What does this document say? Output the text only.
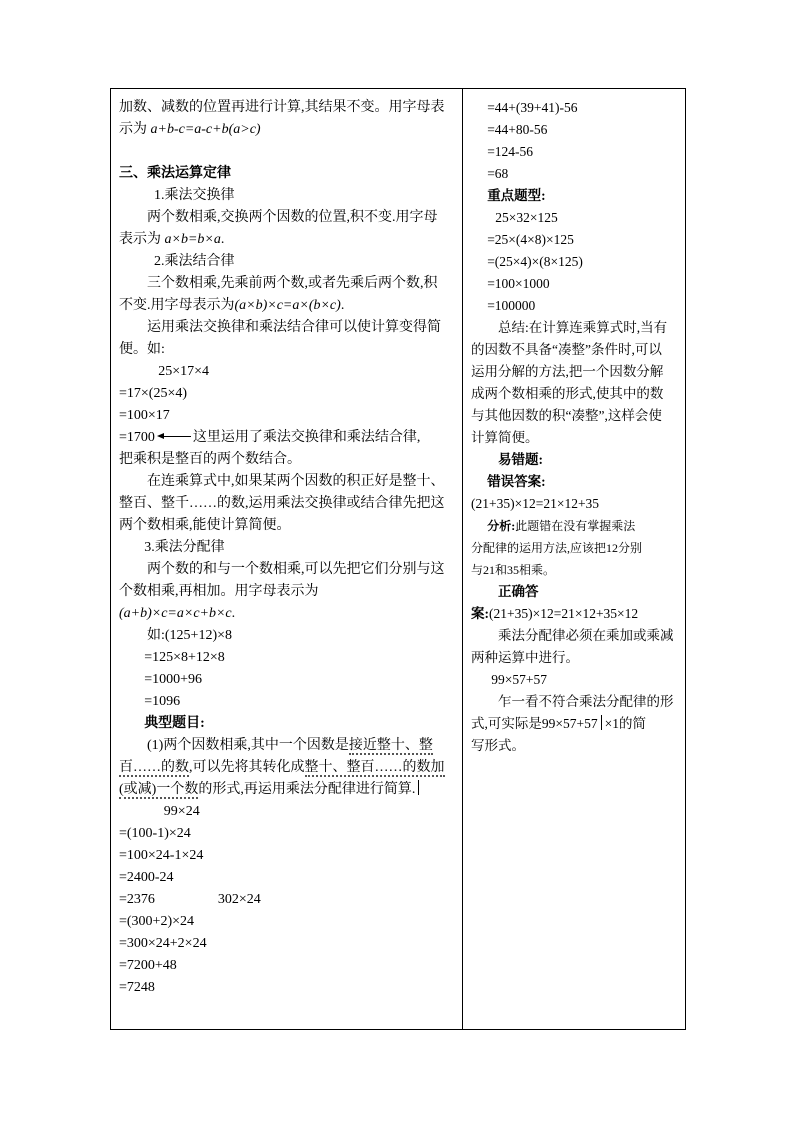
加数、减数的位置再进行计算,其结果不变。用字母表
示为 a+b-c=a-c+b(a>c)
三、乘法运算定律
1.乘法交换律
两个数相乘,交换两个因数的位置,积不变.用字母
表示为 a×b=b×a.
2.乘法结合律
三个数相乘,先乘前两个数,或者先乘后两个数,积
不变.用字母表示为(a×b)×c=a×(b×c).
运用乘法交换律和乘法结合律可以使计算变得简
便。如:
25×17×4
=17×(25×4)
=100×17
=1700	这里运用了乘法交换律和乘法结合律,
把乘积是整百的两个数结合。
在连乘算式中,如果某两个因数的积正好是整十、
整百、整千……的数,运用乘法交换律或结合律先把这
两个数相乘,能使计算简便。
3.乘法分配律
两个数的和与一个数相乘,可以先把它们分别与这
个数相乘,再相加。用字母表示为
(a+b)×c=a×c+b×c.
如:(125+12)×8
=125×8+12×8
=1000+96
=1096
典型题目:
(1)两个因数相乘,其中一个因数是接近整十、整
百……的数,可以先将其转化成整十、整百……的数加
(或减)一个数的形式,再运用乘法分配律进行简算.
99×24
=(100-1)×24
=100×24-1×24
=2400-24
=2376	302×24
=(300+2)×24
=300×24+2×24
=7200+48
=7248
=44+(39+41)-56
=44+80-56
=124-56
=68
重点题型:
25×32×125
=25×(4×8)×125
=(25×4)×(8×125)
=100×1000
=100000
总结:在计算连乘算式时,当有
的因数不具备“凑整”条件时,可以
运用分解的方法,把一个因数分解
成两个数相乘的形式,使其中的数
与其他因数的积“凑整”,这样会使
计算简便。
易错题:
错误答案:
(21+35)×12=21×12+35
分析:此题错在没有掌握乘法
分配律的运用方法,应该把12分别
与21和35相乘。
正确答
案:(21+35)×12=21×12+35×12
乘法分配律必须在乘加或乘减
两种运算中进行。
99×57+57
乍一看不符合乘法分配律的形
式,可实际是99×57+57 ×1的简
写形式。
